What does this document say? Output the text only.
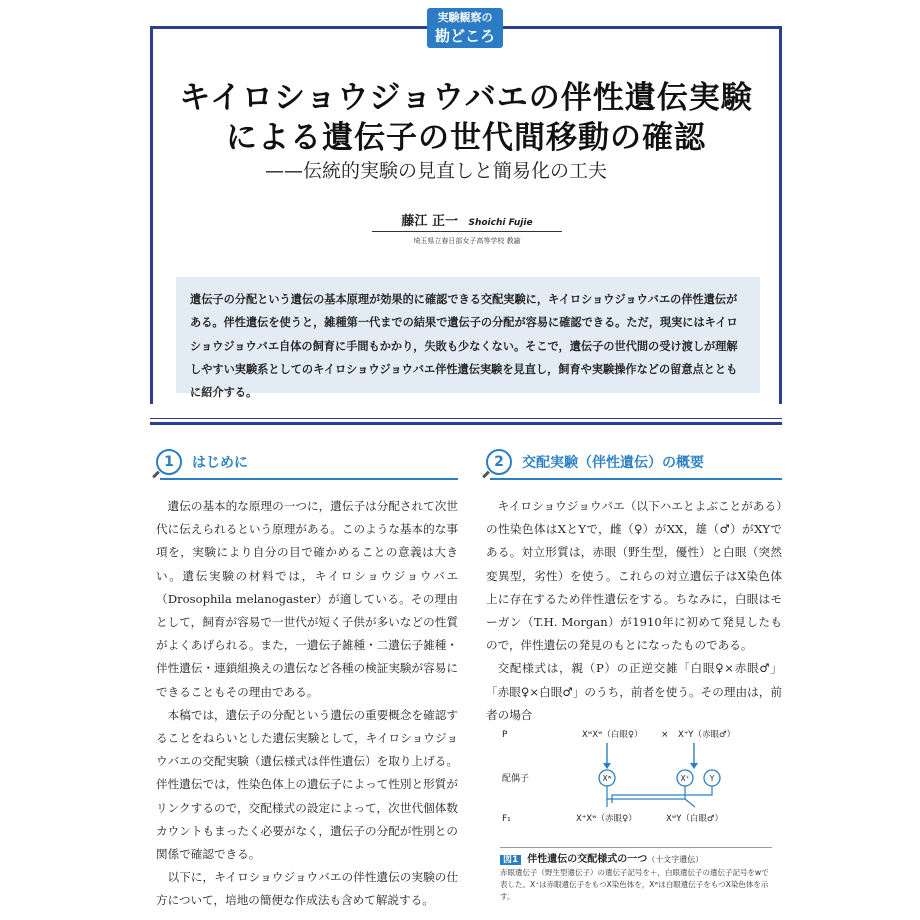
実験観察の
勘どころ
キイロショウジョウバエの伴性遺伝実験
による遺伝子の世代間移動の確認
——伝統的実験の見直しと簡易化の工夫
藤江 正一 Shoichi Fujie
埼玉県立春日部女子高等学校 教諭
遺伝子の分配という遺伝の基本原理が効果的に確認できる交配実験に，キイロショウジョウバエの伴性遺伝がある。伴性遺伝を使うと，雑種第一代までの結果で遺伝子の分配が容易に確認できる。ただ，現実にはキイロショウジョウバエ自体の飼育に手間もかかり，失敗も少なくない。そこで，遺伝子の世代間の受け渡しが理解しやすい実験系としてのキイロショウジョウバエ伴性遺伝実験を見直し，飼育や実験操作などの留意点とともに紹介する。
1	はじめに

遺伝の基本的な原理の一つに，遺伝子は分配されて次世代に伝えられるという原理がある。このような基本的な事項を，実験により自分の目で確かめることの意義は大きい。遺伝実験の材料では，キイロショウジョウバエ（Drosophila melanogaster）が適している。その理由として，飼育が容易で一世代が短く子供が多いなどの性質がよくあげられる。また，一遺伝子雑種・二遺伝子雑種・伴性遺伝・連鎖組換えの遺伝など各種の検証実験が容易にできることもその理由である。

本稿では，遺伝子の分配という遺伝の重要概念を確認することをねらいとした遺伝実験として，キイロショウジョウバエの交配実験（遺伝様式は伴性遺伝）を取り上げる。伴性遺伝では，性染色体上の遺伝子によって性別と形質がリンクするので，交配様式の設定によって，次世代個体数カウントもまったく必要がなく，遺伝子の分配が性別との関係で確認できる。

以下に，キイロショウジョウバエの伴性遺伝の実験の仕方について，培地の簡便な作成法も含めて解説する。

2	交配実験（伴性遺伝）の概要

キイロショウジョウバエ（以下ハエとよぶことがある）の性染色体はXとYで，雌（♀）がXX，雄（♂）がXYである。対立形質は，赤眼（野生型，優性）と白眼（突然変異型，劣性）を使う。これらの対立遺伝子はX染色体上に存在するため伴性遺伝をする。ちなみに，白眼はモーガン（T.H. Morgan）が1910年に初めて発見したもので，伴性遺伝の発見のもとになったものである。

交配様式は，親（P）の正逆交雑「白眼♀×赤眼♂」「赤眼♀×白眼♂」のうち，前者を使う。その理由は，前者の場合

P
配偶子
F₁
XʷXʷ（白眼♀） × X⁺Y（赤眼♂）
Xʷ	X⁺	Y
X⁺Xʷ（赤眼♀）	XʷY（白眼♂）
図1 伴性遺伝の交配様式の一つ（十文字遺伝）
赤眼遺伝子（野生型遺伝子）の遺伝子記号を＋，白眼遺伝子の遺伝子記号をwで表した。X⁺は赤眼遺伝子をもつX染色体を，Xʷは白眼遺伝子をもつX染色体を示す。
